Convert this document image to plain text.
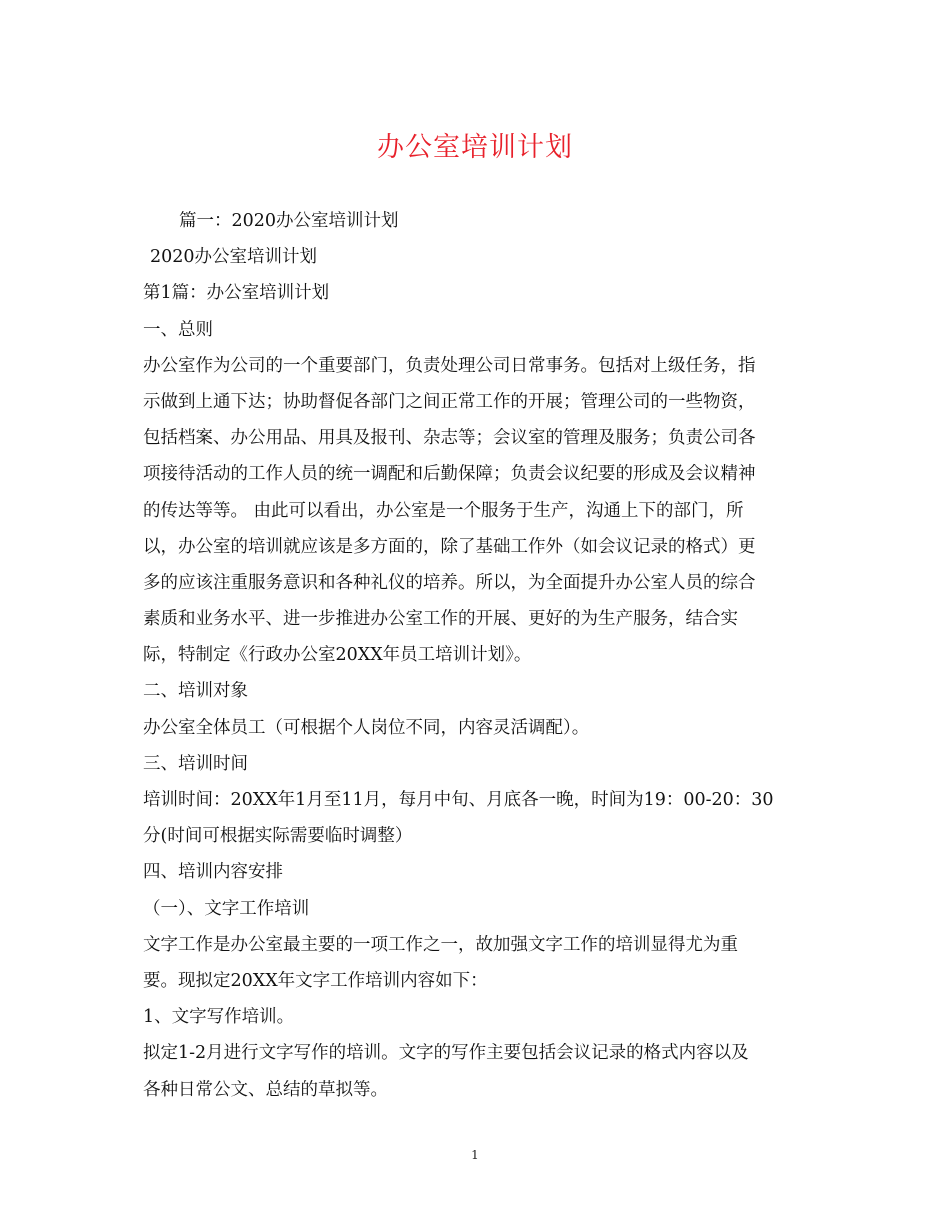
办公室培训计划
篇一：2020办公室培训计划
2020办公室培训计划
第1篇：办公室培训计划
一、总则
办公室作为公司的一个重要部门，负责处理公司日常事务。包括对上级任务，指
示做到上通下达；协助督促各部门之间正常工作的开展；管理公司的一些物资，
包括档案、办公用品、用具及报刊、杂志等；会议室的管理及服务；负责公司各
项接待活动的工作人员的统一调配和后勤保障；负责会议纪要的形成及会议精神
的传达等等。 由此可以看出，办公室是一个服务于生产，沟通上下的部门，所
以，办公室的培训就应该是多方面的，除了基础工作外（如会议记录的格式）更
多的应该注重服务意识和各种礼仪的培养。所以，为全面提升办公室人员的综合
素质和业务水平、进一步推进办公室工作的开展、更好的为生产服务，结合实
际，特制定《行政办公室20XX年员工培训计划》。
二、培训对象
办公室全体员工（可根据个人岗位不同，内容灵活调配）。
三、培训时间
培训时间：20XX年1月至11月，每月中旬、月底各一晚，时间为19：00-20：30
分(时间可根据实际需要临时调整）
四、培训内容安排
（一）、文字工作培训
文字工作是办公室最主要的一项工作之一，故加强文字工作的培训显得尤为重
要。现拟定20XX年文字工作培训内容如下：
1、文字写作培训。
拟定1-2月进行文字写作的培训。文字的写作主要包括会议记录的格式内容以及
各种日常公文、总结的草拟等。
1
